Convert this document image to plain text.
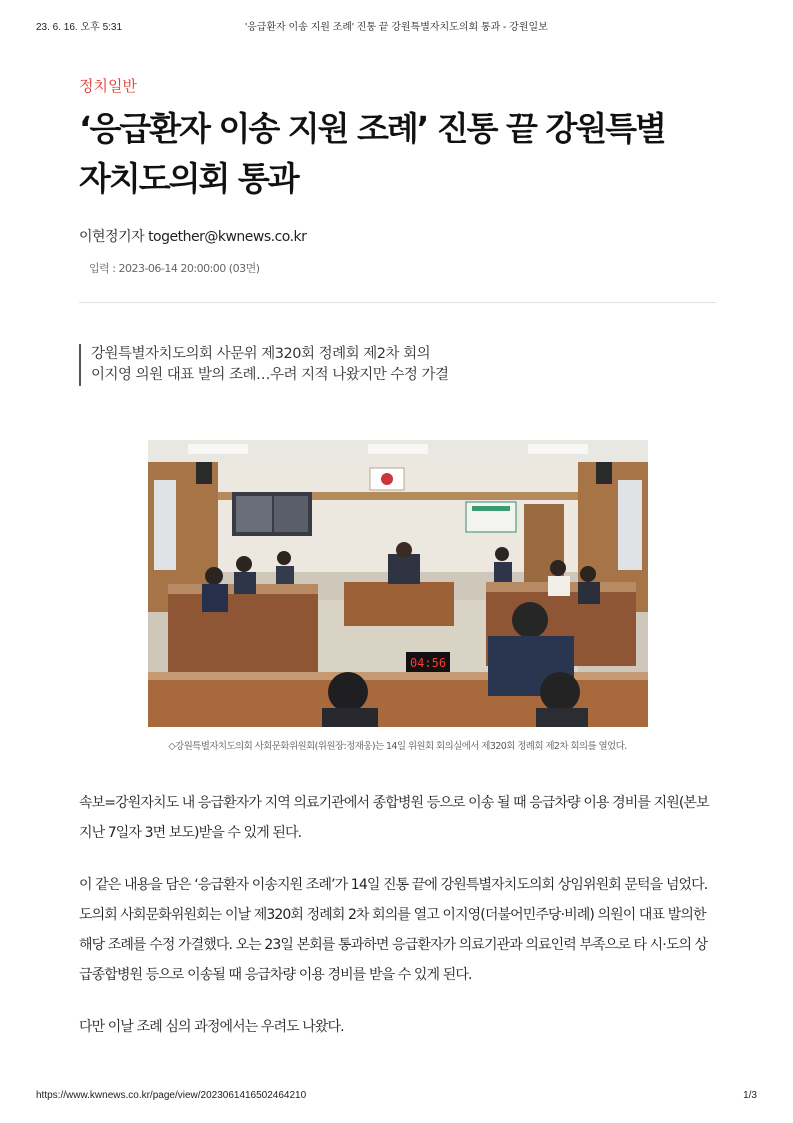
23. 6. 16. 오후 5:31	'응급환자 이송 지원 조례' 진통 끝 강원특별자치도의회 통과 - 강원일보

정치일반

‘응급환자 이송 지원 조례’ 진통 끝 강원특별
자치도의회 통과
이현정기자 together@kwnews.co.kr
입력 : 2023-06-14 20:00:00 (03면)
강원특별자치도의회 사문위 제320회 정례회 제2차 회의
이지영 의원 대표 발의 조례…우려 지적 나왔지만 수정 가결
04:56
◇강원특별자치도의회 사회문화위원회(위원장:정재웅)는 14일 위원회 회의실에서 제320회 정례회 제2차 회의를 열었다.

속보=강원자치도 내 응급환자가 지역 의료기관에서 종합병원 등으로 이송 될 때 응급차량 이용 경비를 지원(본보 지난 7일자 3면 보도)받을 수 있게 된다.

이 같은 내용을 담은 ‘응급환자 이송지원 조례’가 14일 진통 끝에 강원특별자치도의회 상임위원회 문턱을 넘었다. 도의회 사회문화위원회는 이날 제320회 정례회 2차 회의를 열고 이지영(더불어민주당·비례) 의원이 대표 발의한 해당 조례를 수정 가결했다. 오는 23일 본회를 통과하면 응급환자가 의료기관과 의료인력 부족으로 타 시·도의 상급종합병원 등으로 이송될 때 응급차량 이용 경비를 받을 수 있게 된다.

다만 이날 조례 심의 과정에서는 우려도 나왔다.

https://www.kwnews.co.kr/page/view/2023061416502464210	1/3
